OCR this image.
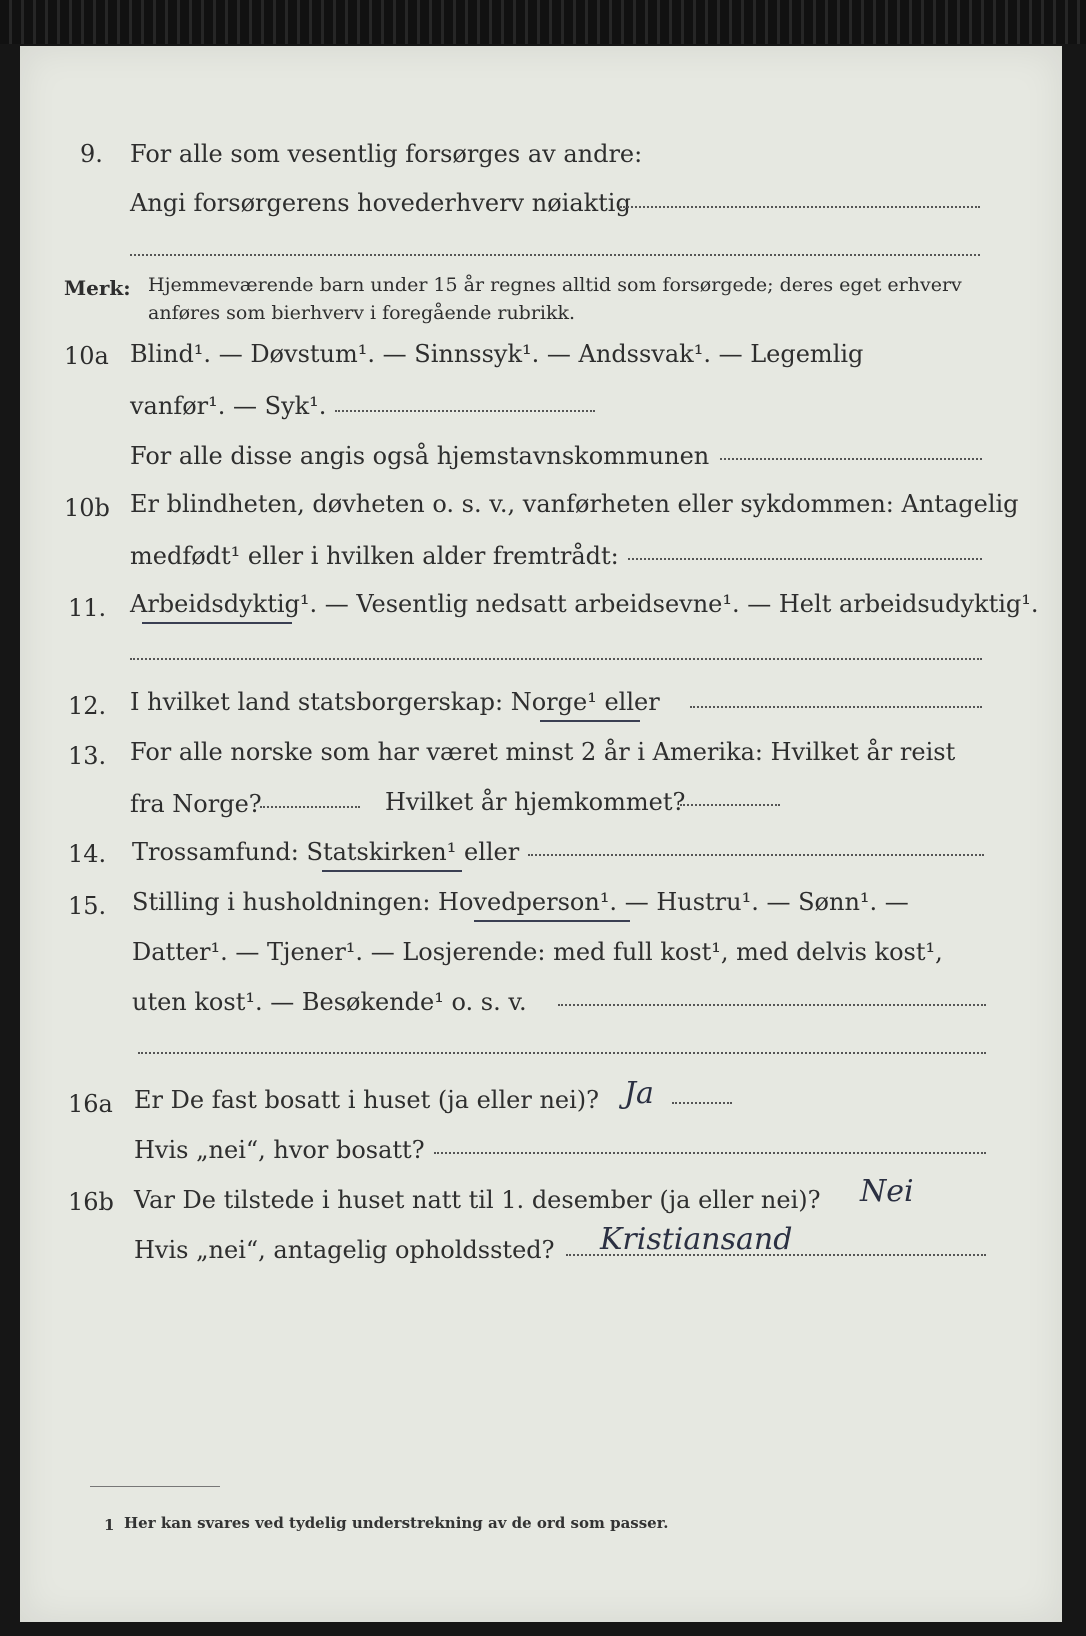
9. For alle som vesentlig forsørges av andre:
Angi forsørgerens hovederhverv nøiaktig
Merk: Hjemmeværende barn under 15 år regnes alltid som forsørgede; deres eget erhverv
anføres som bierhverv i foregående rubrikk.
10a Blind¹. — Døvstum¹. — Sinnssyk¹. — Andssvak¹. — Legemlig
vanfør¹. — Syk¹.
For alle disse angis også hjemstavnskommunen
10b Er blindheten, døvheten o. s. v., vanførheten eller sykdommen: Antagelig
medfødt¹ eller i hvilken alder fremtrådt:
11. Arbeidsdyktig¹. — Vesentlig nedsatt arbeidsevne¹. — Helt arbeidsudyktig¹.
12. I hvilket land statsborgerskap: Norge¹ eller
13. For alle norske som har været minst 2 år i Amerika: Hvilket år reist
fra Norge?	Hvilket år hjemkommet?
14. Trossamfund: Statskirken¹ eller
15. Stilling i husholdningen: Hovedperson¹. — Hustru¹. — Sønn¹. —
Datter¹. — Tjener¹. — Losjerende: med full kost¹, med delvis kost¹,
uten kost¹. — Besøkende¹ o. s. v.
16a Er De fast bosatt i huset (ja eller nei)? Ja
Hvis „nei“, hvor bosatt?
16b Var De tilstede i huset natt til 1. desember (ja eller nei)? Nei
Hvis „nei“, antagelig opholdssted? Kristiansand
1 Her kan svares ved tydelig understrekning av de ord som passer.
